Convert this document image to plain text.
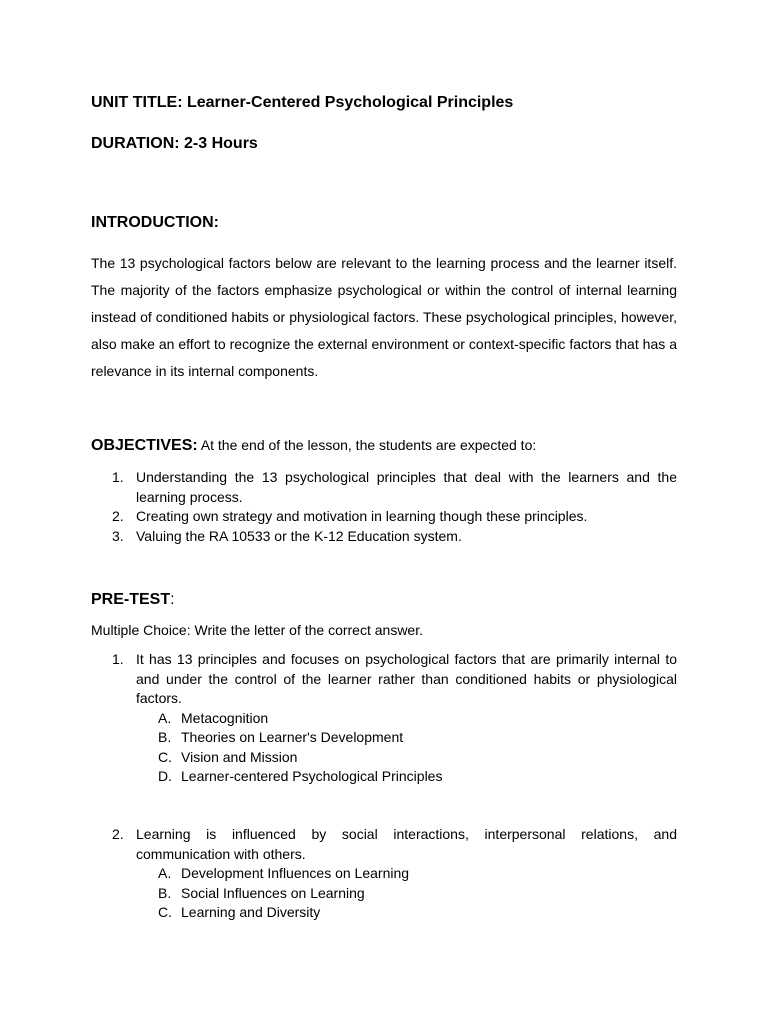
UNIT TITLE: Learner-Centered Psychological Principles
DURATION: 2-3 Hours
INTRODUCTION:
The 13 psychological factors below are relevant to the learning process and the learner itself. The majority of the factors emphasize psychological or within the control of internal learning instead of conditioned habits or physiological factors. These psychological principles, however, also make an effort to recognize the external environment or context-specific factors that has a relevance in its internal components.
OBJECTIVES: At the end of the lesson, the students are expected to:
1. Understanding the 13 psychological principles that deal with the learners and the learning process.
2. Creating own strategy and motivation in learning though these principles.
3. Valuing the RA 10533 or the K-12 Education system.
PRE-TEST:
Multiple Choice: Write the letter of the correct answer.
1. It has 13 principles and focuses on psychological factors that are primarily internal to and under the control of the learner rather than conditioned habits or physiological factors.
A. Metacognition
B. Theories on Learner's Development
C. Vision and Mission
D. Learner-centered Psychological Principles
2. Learning is influenced by social interactions, interpersonal relations, and communication with others.
A. Development Influences on Learning
B. Social Influences on Learning
C. Learning and Diversity
